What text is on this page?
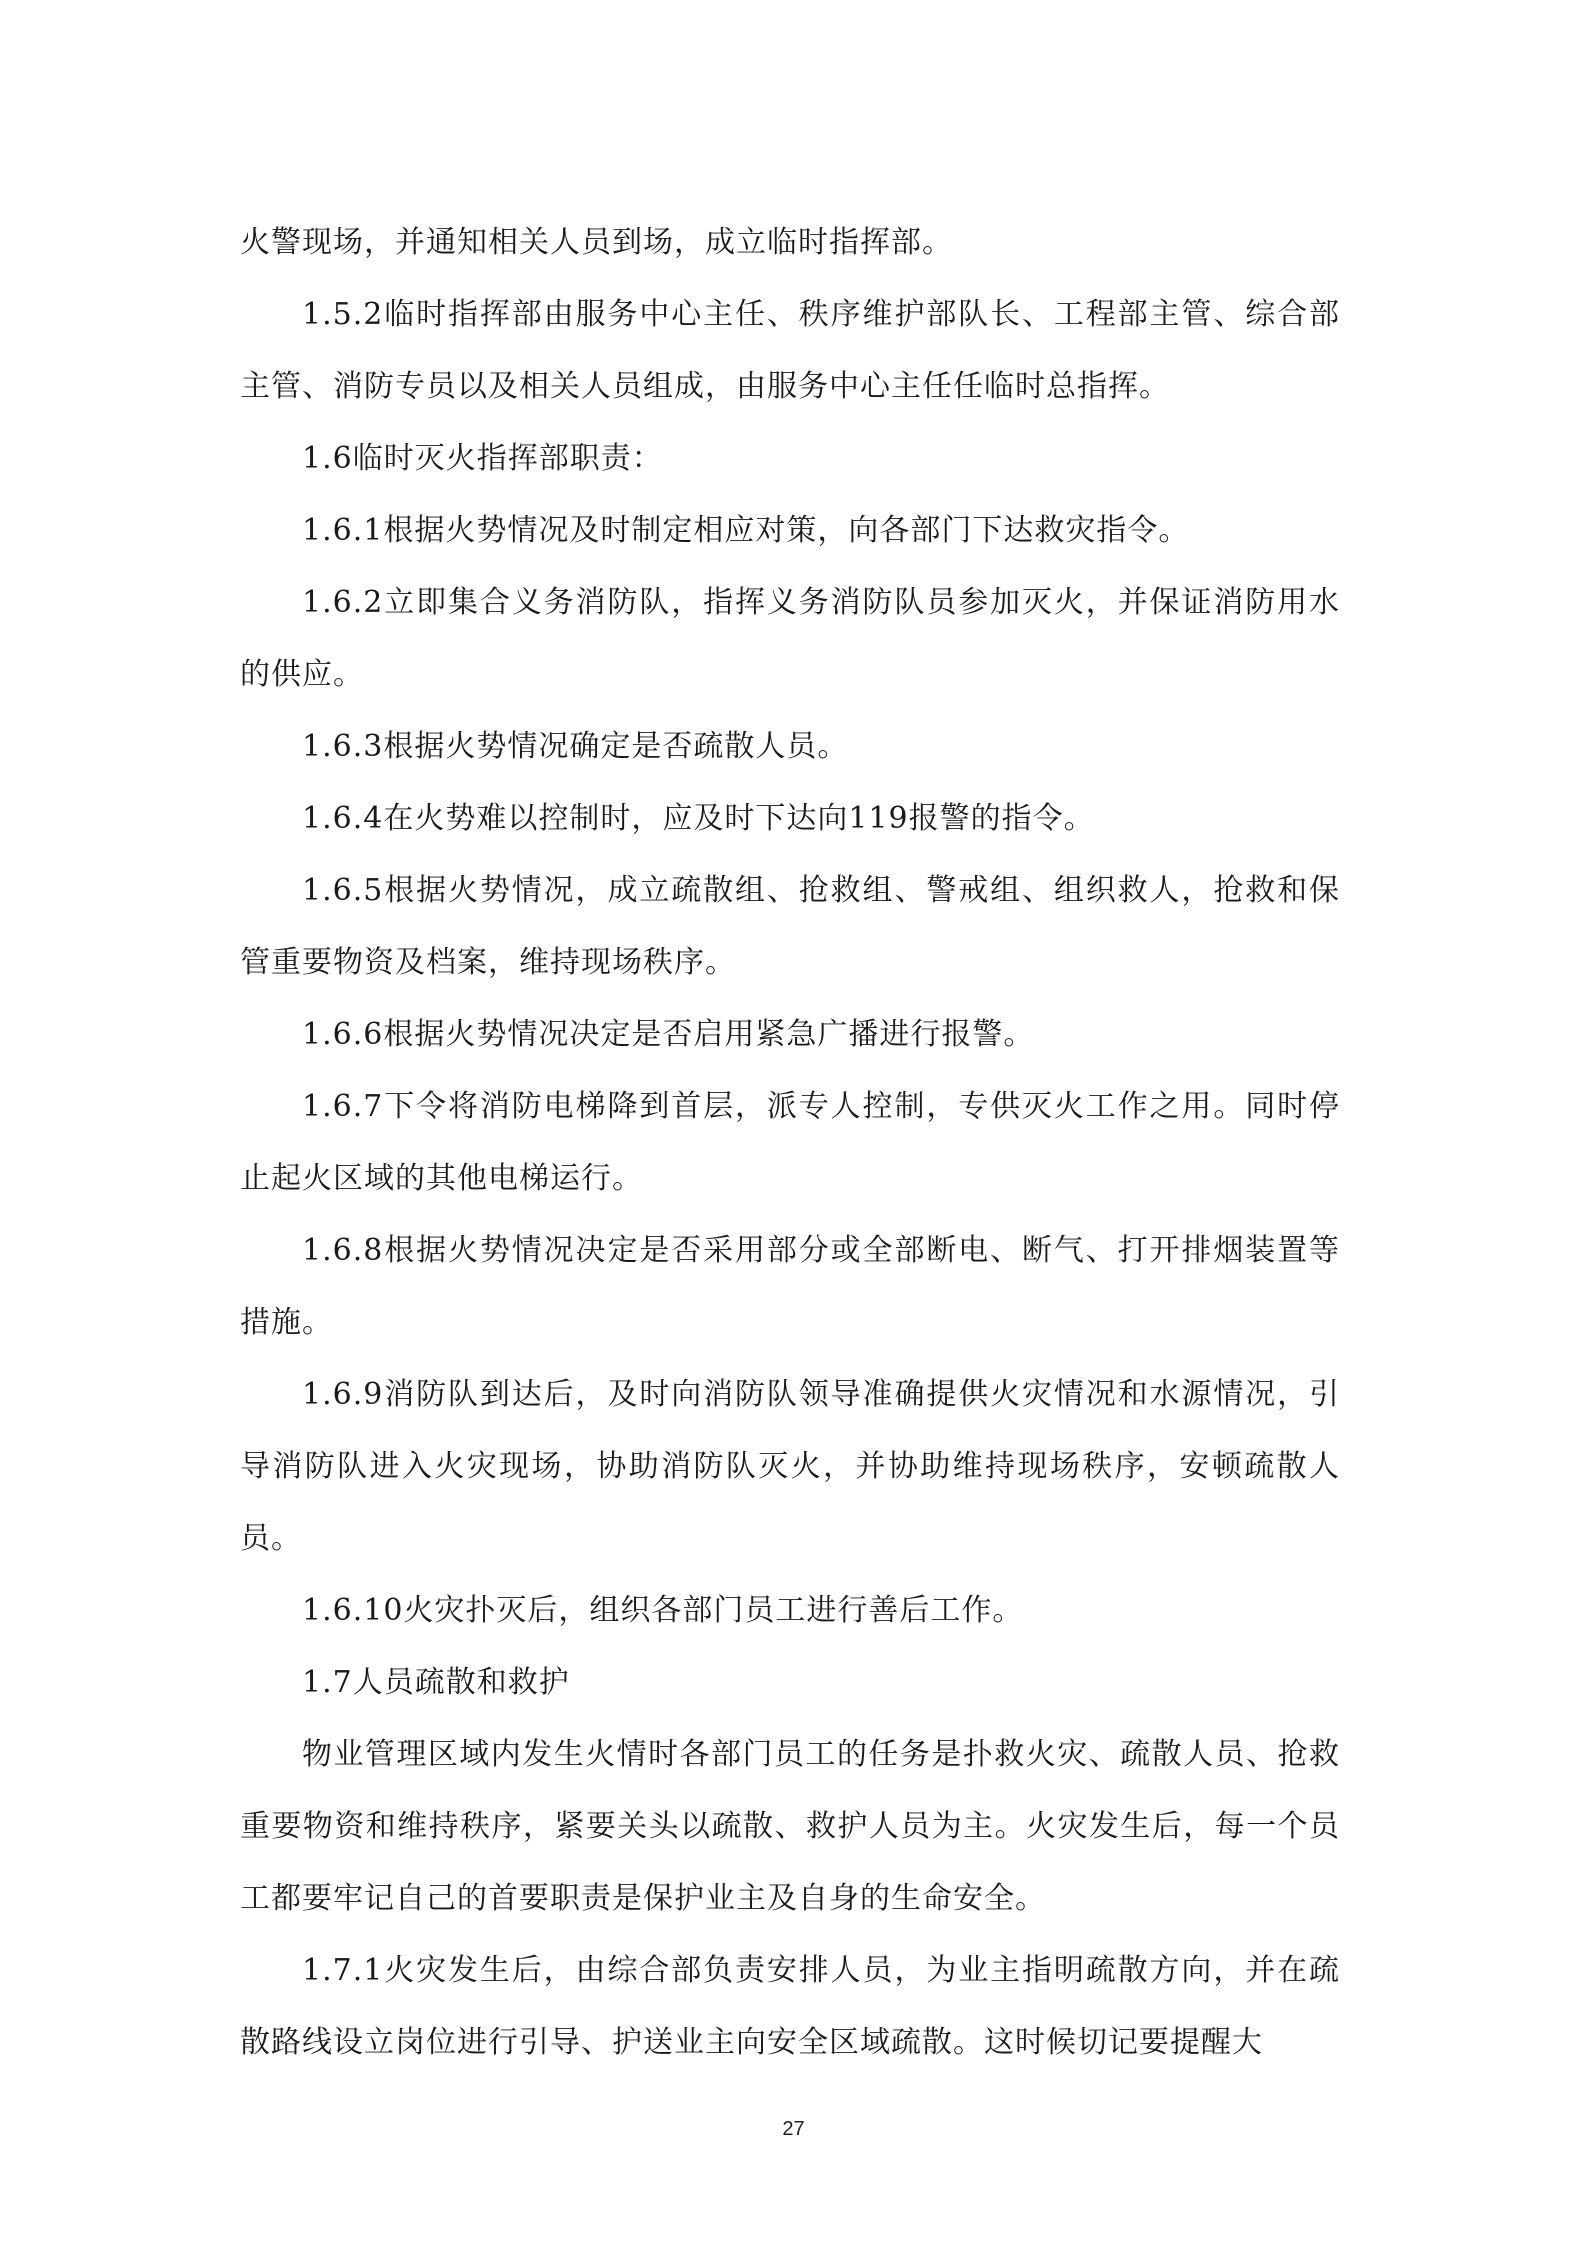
火警现场，并通知相关人员到场，成立临时指挥部。

1.5.2临时指挥部由服务中心主任、秩序维护部队长、工程部主管、综合部主管、消防专员以及相关人员组成，由服务中心主任任临时总指挥。

1.6临时灭火指挥部职责：

1.6.1根据火势情况及时制定相应对策，向各部门下达救灾指令。

1.6.2立即集合义务消防队，指挥义务消防队员参加灭火，并保证消防用水的供应。

1.6.3根据火势情况确定是否疏散人员。

1.6.4在火势难以控制时，应及时下达向119报警的指令。

1.6.5根据火势情况，成立疏散组、抢救组、警戒组、组织救人，抢救和保管重要物资及档案，维持现场秩序。

1.6.6根据火势情况决定是否启用紧急广播进行报警。

1.6.7下令将消防电梯降到首层，派专人控制，专供灭火工作之用。同时停止起火区域的其他电梯运行。

1.6.8根据火势情况决定是否采用部分或全部断电、断气、打开排烟装置等措施。

1.6.9消防队到达后，及时向消防队领导准确提供火灾情况和水源情况，引导消防队进入火灾现场，协助消防队灭火，并协助维持现场秩序，安顿疏散人员。

1.6.10火灾扑灭后，组织各部门员工进行善后工作。

1.7人员疏散和救护

物业管理区域内发生火情时各部门员工的任务是扑救火灾、疏散人员、抢救重要物资和维持秩序，紧要关头以疏散、救护人员为主。火灾发生后，每一个员工都要牢记自己的首要职责是保护业主及自身的生命安全。

1.7.1火灾发生后，由综合部负责安排人员，为业主指明疏散方向，并在疏散路线设立岗位进行引导、护送业主向安全区域疏散。这时候切记要提醒大

27
